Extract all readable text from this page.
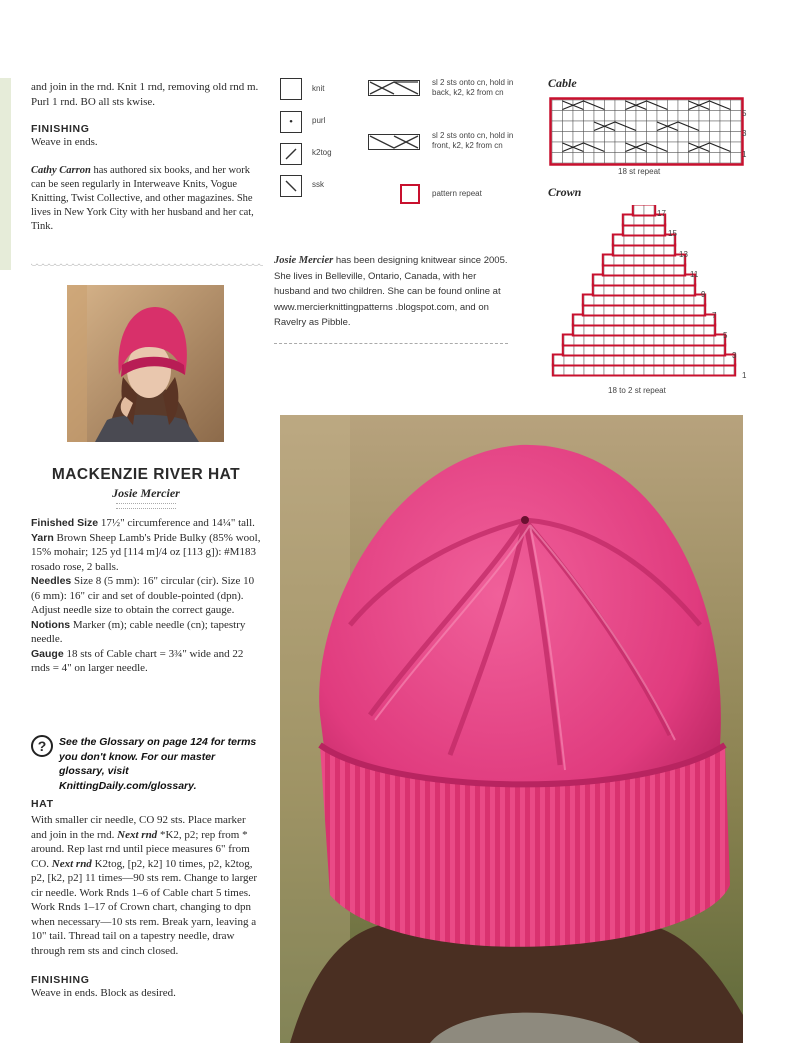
and join in the rnd. Knit 1 rnd, removing old rnd m. Purl 1 rnd. BO all sts kwise.

FINISHING

Weave in ends.

Cathy Carron has authored six books, and her work can be seen regularly in Interweave Knits, Vogue Knitting, Twist Collective, and other magazines. She lives in New York City with her husband and her cat, Tink.

knit
•	purl
k2tog
ssk
sl 2 sts onto cn, hold in back, k2, k2 from cn
sl 2 sts onto cn, hold in front, k2, k2 from cn
pattern repeat

Josie Mercier has been designing knitwear since 2005. She lives in Belleville, Ontario, Canada, with her husband and two children. She can be found online at www.mercierknittingpatterns .blogspot.com, and on Ravelry as Pibble.

Cable
5
3
1
18 st repeat
Crown
17
15
13
11
9
7
5
3
1
18 to 2 st repeat
MACKENZIE RIVER HAT
Josie Mercier

Finished Size 17½" circumference and 14¼" tall.

Yarn Brown Sheep Lamb's Pride Bulky (85% wool, 15% mohair; 125 yd [114 m]/4 oz [113 g]): #M183 rosado rose, 2 balls.

Needles Size 8 (5 mm): 16" circular (cir). Size 10 (6 mm): 16" cir and set of double-pointed (dpn). Adjust needle size to obtain the correct gauge.

Notions Marker (m); cable needle (cn); tapestry needle.

Gauge 18 sts of Cable chart = 3¾" wide and 22 rnds = 4" on larger needle.

?	See the Glossary on page 124 for terms you don't know. For our master glossary, visit KnittingDaily.com/glossary.

HAT

With smaller cir needle, CO 92 sts. Place marker and join in the rnd. Next rnd *K2, p2; rep from * around. Rep last rnd until piece measures 6" from CO. Next rnd K2tog, [p2, k2] 10 times, p2, k2tog, p2, [k2, p2] 11 times—90 sts rem. Change to larger cir needle. Work Rnds 1–6 of Cable chart 5 times. Work Rnds 1–17 of Crown chart, changing to dpn when necessary—10 sts rem. Break yarn, leaving a 10" tail. Thread tail on a tapestry needle, draw through rem sts and cinch closed.

FINISHING

Weave in ends. Block as desired.
